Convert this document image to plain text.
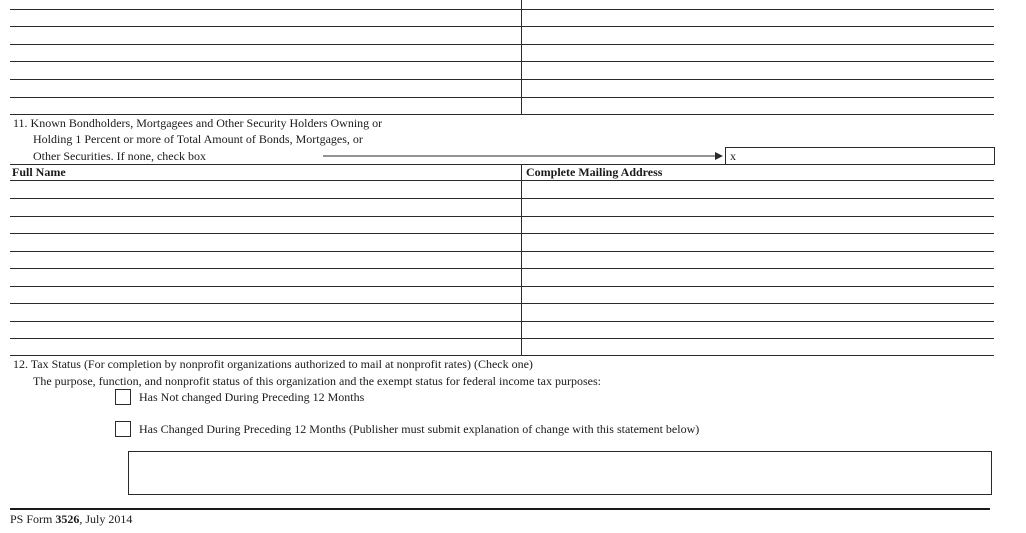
11. Known Bondholders, Mortgagees and Other Security Holders Owning or
Holding 1 Percent or more of Total Amount of Bonds, Mortgages, or
Other Securities. If none, check box	x
Full Name	Complete Mailing Address
12. Tax Status (For completion by nonprofit organizations authorized to mail at nonprofit rates) (Check one)
The purpose, function, and nonprofit status of this organization and the exempt status for federal income tax purposes:
Has Not changed During Preceding 12 Months
Has Changed During Preceding 12 Months (Publisher must submit explanation of change with this statement below)
PS Form 3526, July 2014
